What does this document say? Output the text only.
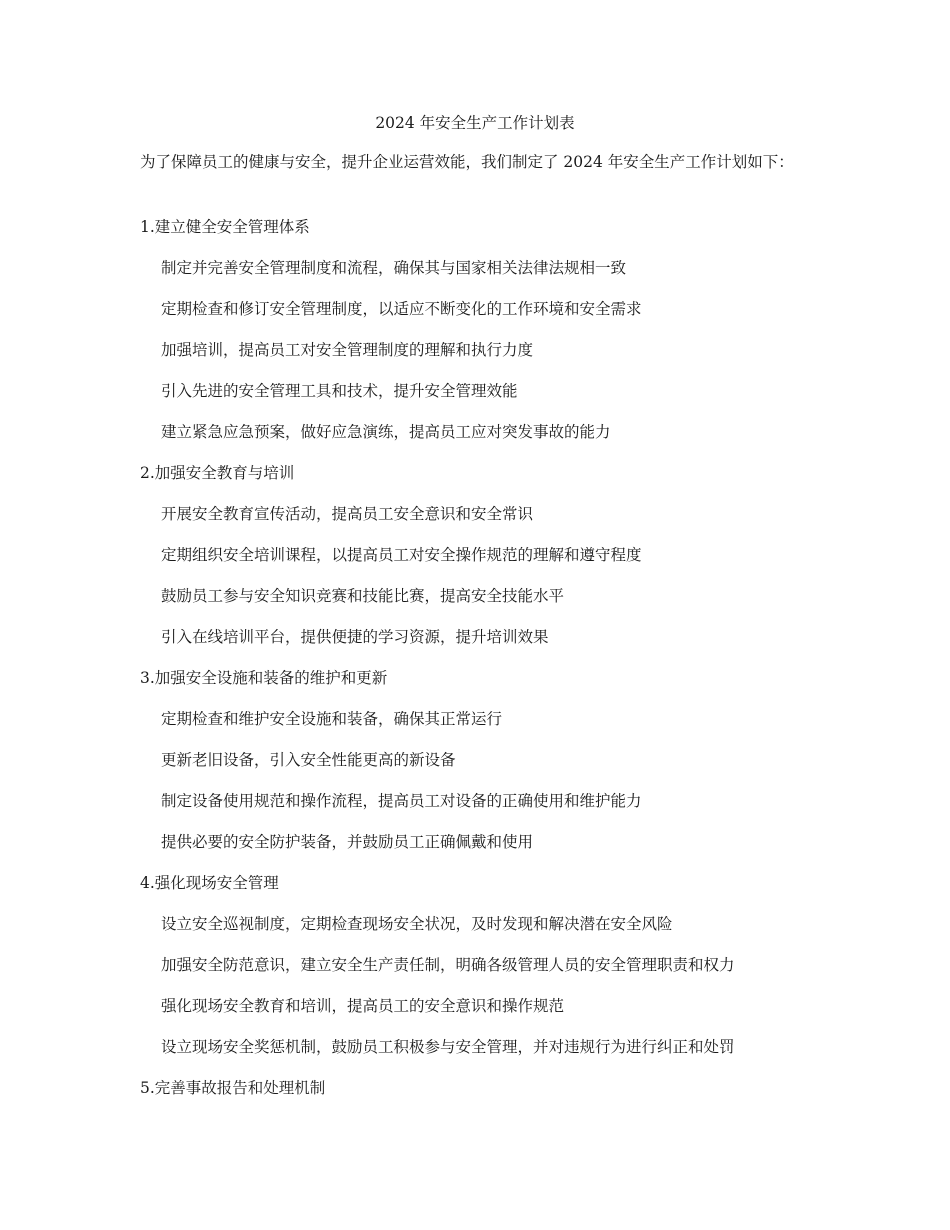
2024 年安全生产工作计划表
为了保障员工的健康与安全，提升企业运营效能，我们制定了 2024 年安全生产工作计划如下：

1.建立健全安全管理体系

制定并完善安全管理制度和流程，确保其与国家相关法律法规相一致

定期检查和修订安全管理制度，以适应不断变化的工作环境和安全需求

加强培训，提高员工对安全管理制度的理解和执行力度

引入先进的安全管理工具和技术，提升安全管理效能

建立紧急应急预案，做好应急演练，提高员工应对突发事故的能力

2.加强安全教育与培训

开展安全教育宣传活动，提高员工安全意识和安全常识

定期组织安全培训课程，以提高员工对安全操作规范的理解和遵守程度

鼓励员工参与安全知识竞赛和技能比赛，提高安全技能水平

引入在线培训平台，提供便捷的学习资源，提升培训效果

3.加强安全设施和装备的维护和更新

定期检查和维护安全设施和装备，确保其正常运行

更新老旧设备，引入安全性能更高的新设备

制定设备使用规范和操作流程，提高员工对设备的正确使用和维护能力

提供必要的安全防护装备，并鼓励员工正确佩戴和使用

4.强化现场安全管理

设立安全巡视制度，定期检查现场安全状况，及时发现和解决潜在安全风险

加强安全防范意识，建立安全生产责任制，明确各级管理人员的安全管理职责和权力

强化现场安全教育和培训，提高员工的安全意识和操作规范

设立现场安全奖惩机制，鼓励员工积极参与安全管理，并对违规行为进行纠正和处罚

5.完善事故报告和处理机制
